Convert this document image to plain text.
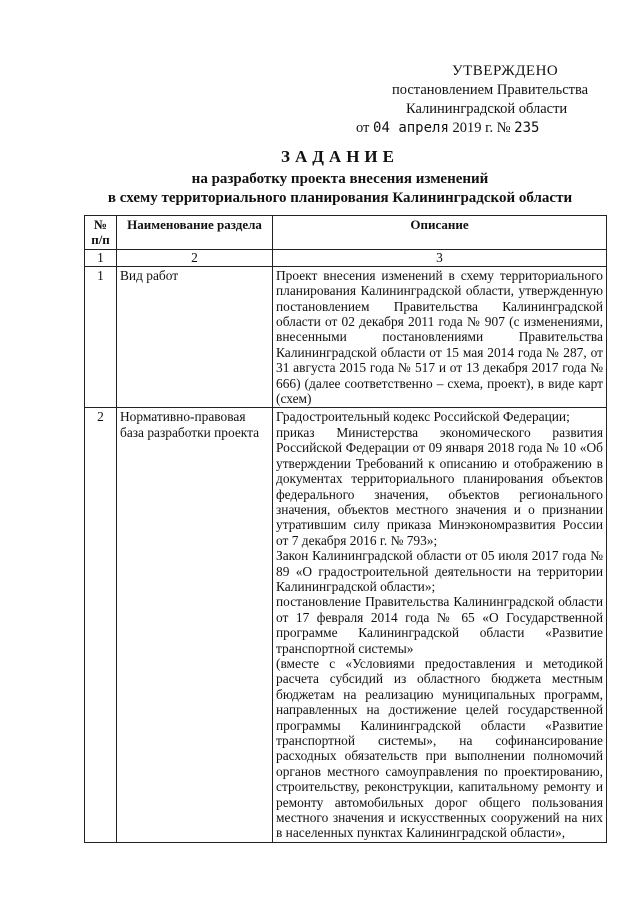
УТВЕРЖДЕНО
постановлением Правительства
Калининградской области
от 04 апреля 2019 г. № 235
ЗАДАНИЕ
на разработку проекта внесения изменений
в схему территориального планирования Калининградской области
№ п/п	Наименование раздела	Описание
1	2	3
1	Вид работ	Проект внесения изменений в схему территориального планирования Калининградской области, утвержденную постановлением Правительства Калининградской области от 02 декабря 2011 года № 907 (с изменениями, внесенными постановлениями Правительства Калининградской области от 15 мая 2014 года № 287, от 31 августа 2015 года № 517 и от 13 декабря 2017 года № 666) (далее соответственно – схема, проект), в виде карт (схем)

2	Нормативно-правовая база разработки проекта	Градостроительный кодекс Российской Федерации;
приказ Министерства экономического развития Российской Федерации от 09 января 2018 года № 10 «Об утверждении Требований к описанию и отображению в документах территориального планирования объектов федерального значения, объектов регионального значения, объектов местного значения и о признании утратившим силу приказа Минэкономразвития России от 7 декабря 2016 г. № 793»;
Закон Калининградской области от 05 июля 2017 года № 89 «О градостроительной деятельности на территории Калининградской области»;
постановление Правительства Калининградской области от 17 февраля 2014 года № 65 «О Государственной программе Калининградской области «Развитие транспортной системы»
(вместе с «Условиями предоставления и методикой расчета субсидий из областного бюджета местным бюджетам на реализацию муниципальных программ, направленных на достижение целей государственной программы Калининградской области «Развитие транспортной системы», на софинансирование расходных обязательств при выполнении полномочий органов местного самоуправления по проектированию, строительству, реконструкции, капитальному ремонту и ремонту автомобильных дорог общего пользования местного значения и искусственных сооружений на них в населенных пунктах Калининградской области»,
